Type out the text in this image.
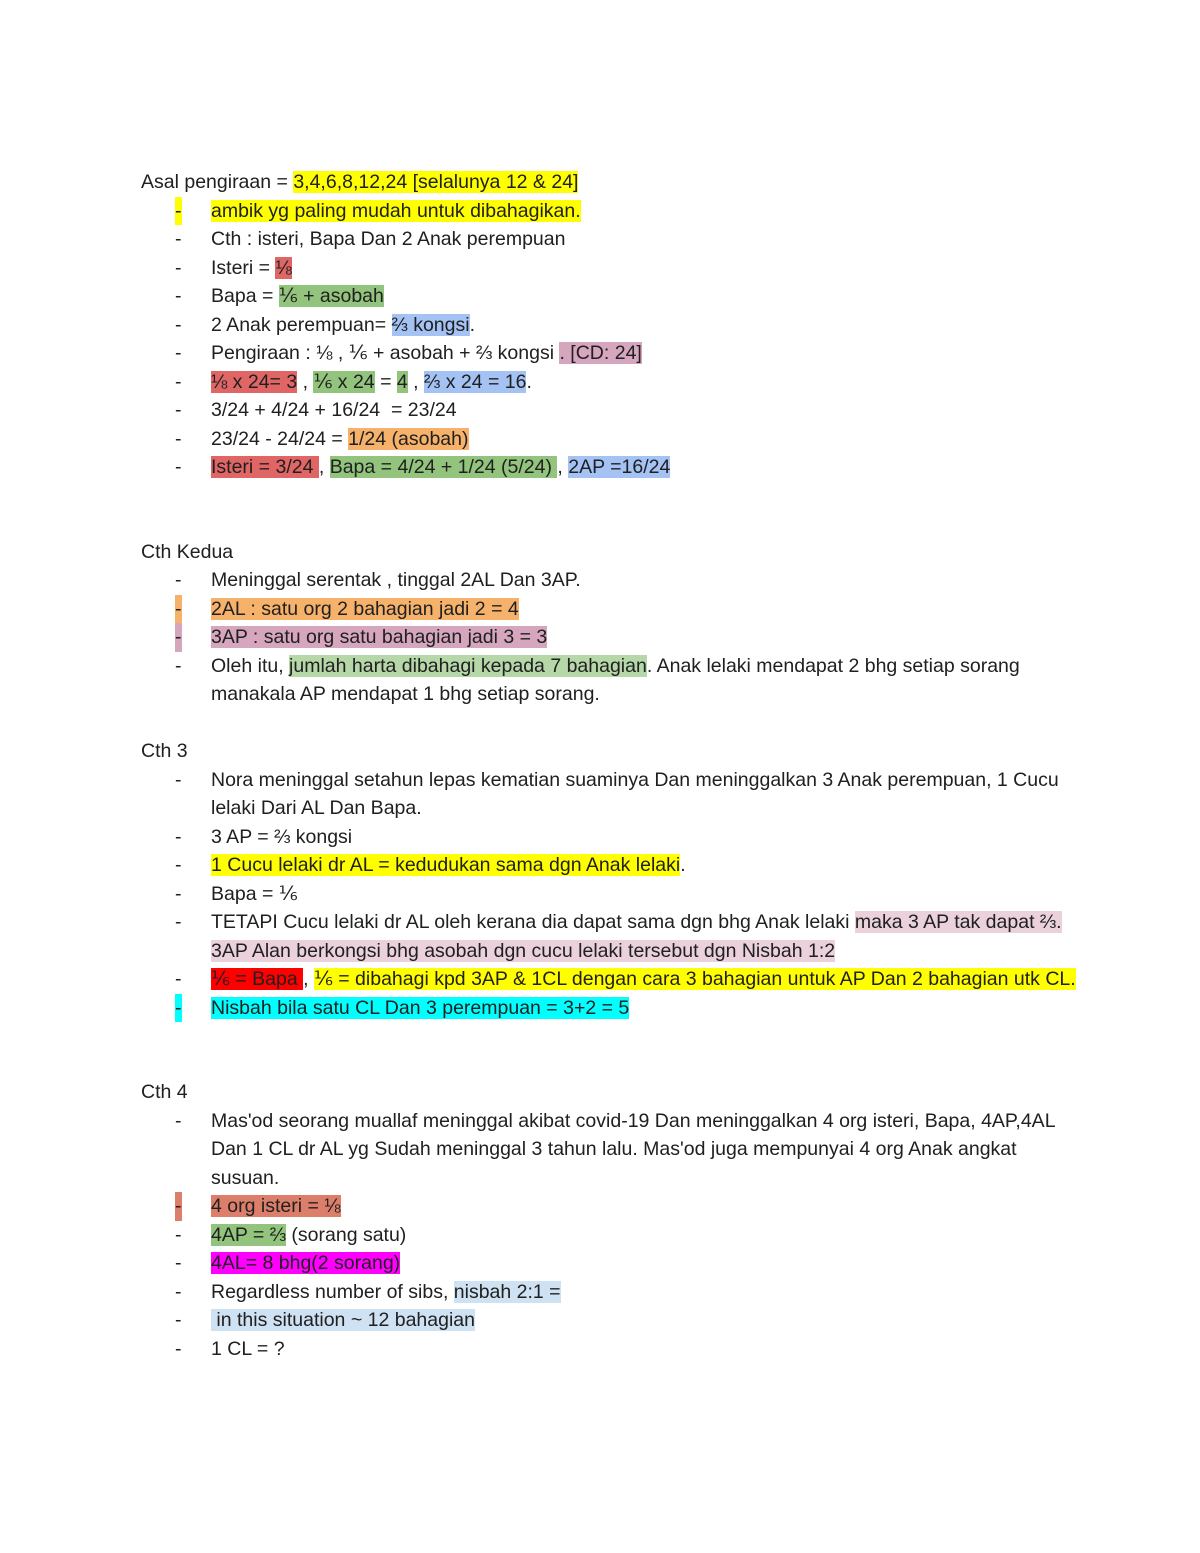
Asal pengiraan = 3,4,6,8,12,24 [selalunya 12 & 24]
- ambik yg paling mudah untuk dibahagikan.
- Cth : isteri, Bapa Dan 2 Anak perempuan
- Isteri = ⅛
- Bapa = ⅙ + asobah
- 2 Anak perempuan= ⅔ kongsi.
- Pengiraan : ⅛ , ⅙ + asobah + ⅔ kongsi . [CD: 24]
- ⅛ x 24= 3 , ⅙ x 24 = 4 , ⅔ x 24 = 16.
- 3/24 + 4/24 + 16/24  = 23/24
- 23/24 - 24/24 = 1/24 (asobah)
- Isteri = 3/24 , Bapa = 4/24 + 1/24 (5/24) , 2AP =16/24
Cth Kedua
- Meninggal serentak , tinggal 2AL Dan 3AP.
- 2AL : satu org 2 bahagian jadi 2 = 4
- 3AP : satu org satu bahagian jadi 3 = 3
- Oleh itu, jumlah harta dibahagi kepada 7 bahagian. Anak lelaki mendapat 2 bhg setiap sorang manakala AP mendapat 1 bhg setiap sorang.
Cth 3
- Nora meninggal setahun lepas kematian suaminya Dan meninggalkan 3 Anak perempuan, 1 Cucu lelaki Dari AL Dan Bapa.
- 3 AP = ⅔ kongsi
- 1 Cucu lelaki dr AL = kedudukan sama dgn Anak lelaki.
- Bapa = ⅙
- TETAPI Cucu lelaki dr AL oleh kerana dia dapat sama dgn bhg Anak lelaki maka 3 AP tak dapat ⅔. 3AP Alan berkongsi bhg asobah dgn cucu lelaki tersebut dgn Nisbah 1:2
- ⅙ = Bapa , ⅙ = dibahagi kpd 3AP & 1CL dengan cara 3 bahagian untuk AP Dan 2 bahagian utk CL.
- Nisbah bila satu CL Dan 3 perempuan = 3+2 = 5
Cth 4
- Mas'od seorang muallaf meninggal akibat covid-19 Dan meninggalkan 4 org isteri, Bapa, 4AP,4AL Dan 1 CL dr AL yg Sudah meninggal 3 tahun lalu. Mas'od juga mempunyai 4 org Anak angkat susuan.
- 4 org isteri = ⅛
- 4AP = ⅔ (sorang satu)
- 4AL= 8 bhg(2 sorang)
- Regardless number of sibs, nisbah 2:1 =
- in this situation ~ 12 bahagian
- 1 CL = ?
